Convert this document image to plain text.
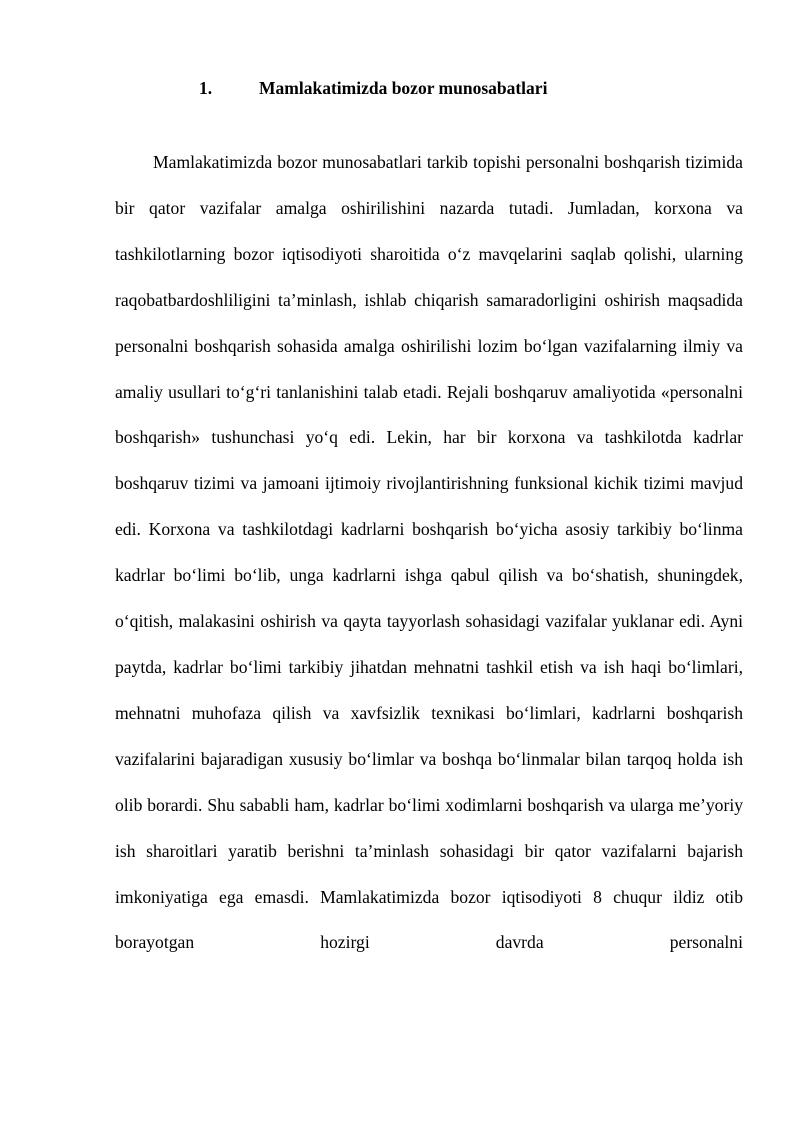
1.	Mamlakatimizda bozor munosabatlari

Mamlakatimizda bozor munosabatlari tarkib topishi personalni boshqarish tizimida bir qator vazifalar amalga oshirilishini nazarda tutadi. Jumladan, korxona va tashkilotlarning bozor iqtisodiyoti sharoitida o‘z mavqelarini saqlab qolishi, ularning raqobatbardoshliligini ta’minlash, ishlab chiqarish samaradorligini oshirish maqsadida personalni boshqarish sohasida amalga oshirilishi lozim bo‘lgan vazifalarning ilmiy va amaliy usullari to‘g‘ri tanlanishini talab etadi. Rejali boshqaruv amaliyotida «personalni boshqarish» tushunchasi yo‘q edi. Lekin, har bir korxona va tashkilotda kadrlar boshqaruv tizimi va jamoani ijtimoiy rivojlantirishning funksional kichik tizimi mavjud edi. Korxona va tashkilotdagi kadrlarni boshqarish bo‘yicha asosiy tarkibiy bo‘linma kadrlar bo‘limi bo‘lib, unga kadrlarni ishga qabul qilish va bo‘shatish, shuningdek, o‘qitish, malakasini oshirish va qayta tayyorlash sohasidagi vazifalar yuklanar edi. Ayni paytda, kadrlar bo‘limi tarkibiy jihatdan mehnatni tashkil etish va ish haqi bo‘limlari, mehnatni muhofaza qilish va xavfsizlik texnikasi bo‘limlari, kadrlarni boshqarish vazifalarini bajaradigan xususiy bo‘limlar va boshqa bo‘linmalar bilan tarqoq holda ish olib borardi. Shu sababli ham, kadrlar bo‘limi xodimlarni boshqarish va ularga me’yoriy ish sharoitlari yaratib berishni ta’minlash sohasidagi bir qator vazifalarni bajarish imkoniyatiga ega emasdi. Mamlakatimizda bozor iqtisodiyoti 8 chuqur ildiz otib borayotgan hozirgi davrda personalni
